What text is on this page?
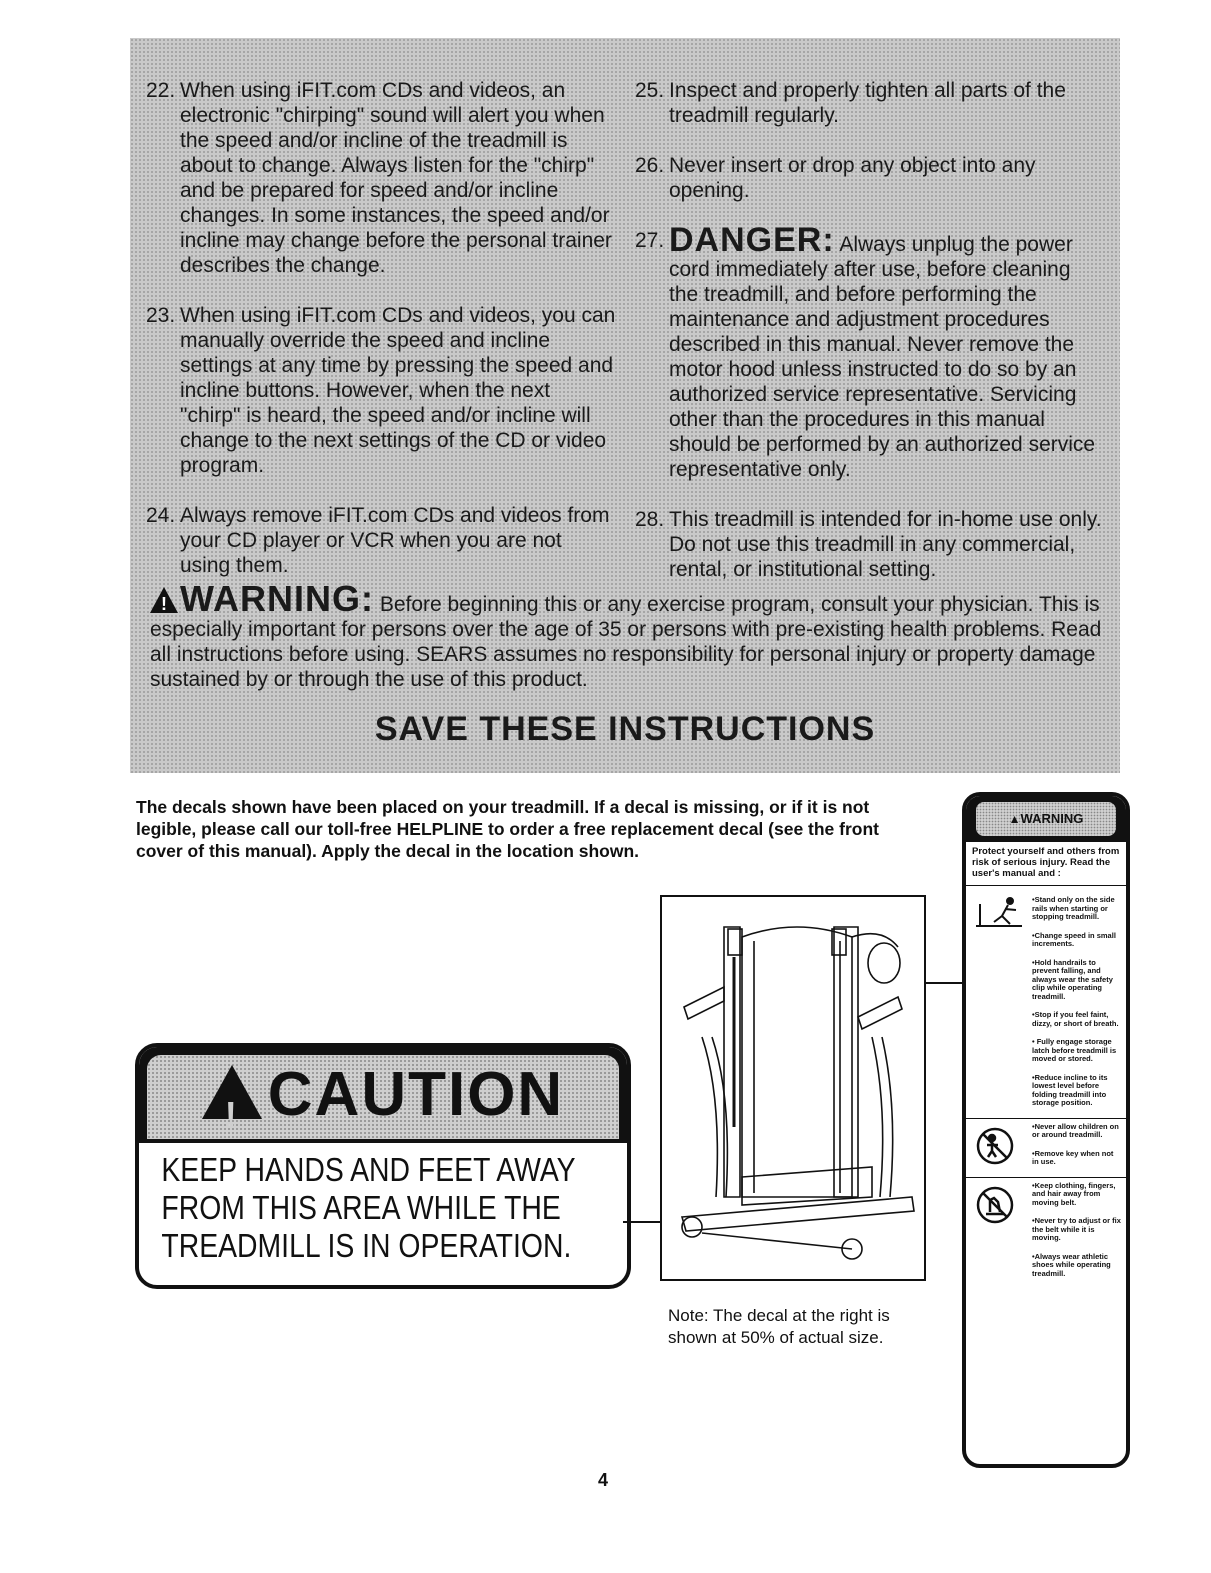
22. When using iFIT.com CDs and videos, an electronic "chirping" sound will alert you when the speed and/or incline of the treadmill is about to change. Always listen for the "chirp" and be prepared for speed and/or incline changes. In some instances, the speed and/or incline may change before the personal trainer describes the change.
23. When using iFIT.com CDs and videos, you can manually override the speed and incline settings at any time by pressing the speed and incline buttons. However, when the next "chirp" is heard, the speed and/or incline will change to the next settings of the CD or video program.
24. Always remove iFIT.com CDs and videos from your CD player or VCR when you are not using them.
25. Inspect and properly tighten all parts of the treadmill regularly.
26. Never insert or drop any object into any opening.
27. DANGER: Always unplug the power cord immediately after use, before cleaning the treadmill, and before performing the maintenance and adjustment procedures described in this manual. Never remove the motor hood unless instructed to do so by an authorized service representative. Servicing other than the procedures in this manual should be performed by an authorized service representative only.
28. This treadmill is intended for in-home use only. Do not use this treadmill in any commercial, rental, or institutional setting.
!WARNING: Before beginning this or any exercise program, consult your physician. This is especially important for persons over the age of 35 or persons with pre-existing health problems. Read all instructions before using. SEARS assumes no responsibility for personal injury or property damage sustained by or through the use of this product.
SAVE THESE INSTRUCTIONS
The decals shown have been placed on your treadmill. If a decal is missing, or if it is not legible, please call our toll-free HELPLINE to order a free replacement decal (see the front cover of this manual). Apply the decal in the location shown.
!CAUTION
KEEP HANDS AND FEET AWAY
FROM THIS AREA WHILE THE
TREADMILL IS IN OPERATION.
Note: The decal at the right is shown at 50% of actual size.
▲WARNING
Protect yourself and others from risk of serious injury. Read the user's manual and :
•Stand only on the side rails when starting or stopping treadmill.
•Change speed in small increments.
•Hold handrails to prevent falling, and always wear the safety clip while operating treadmill.
•Stop if you feel faint, dizzy, or short of breath.
• Fully engage storage latch before treadmill is moved or stored.
•Reduce incline to its lowest level before folding treadmill into storage position.
•Never allow children on or around treadmill.
•Remove key when not in use.
•Keep clothing, fingers, and hair away from moving belt.
•Never try to adjust or fix the belt while it is moving.
•Always wear athletic shoes while operating treadmill.
4
